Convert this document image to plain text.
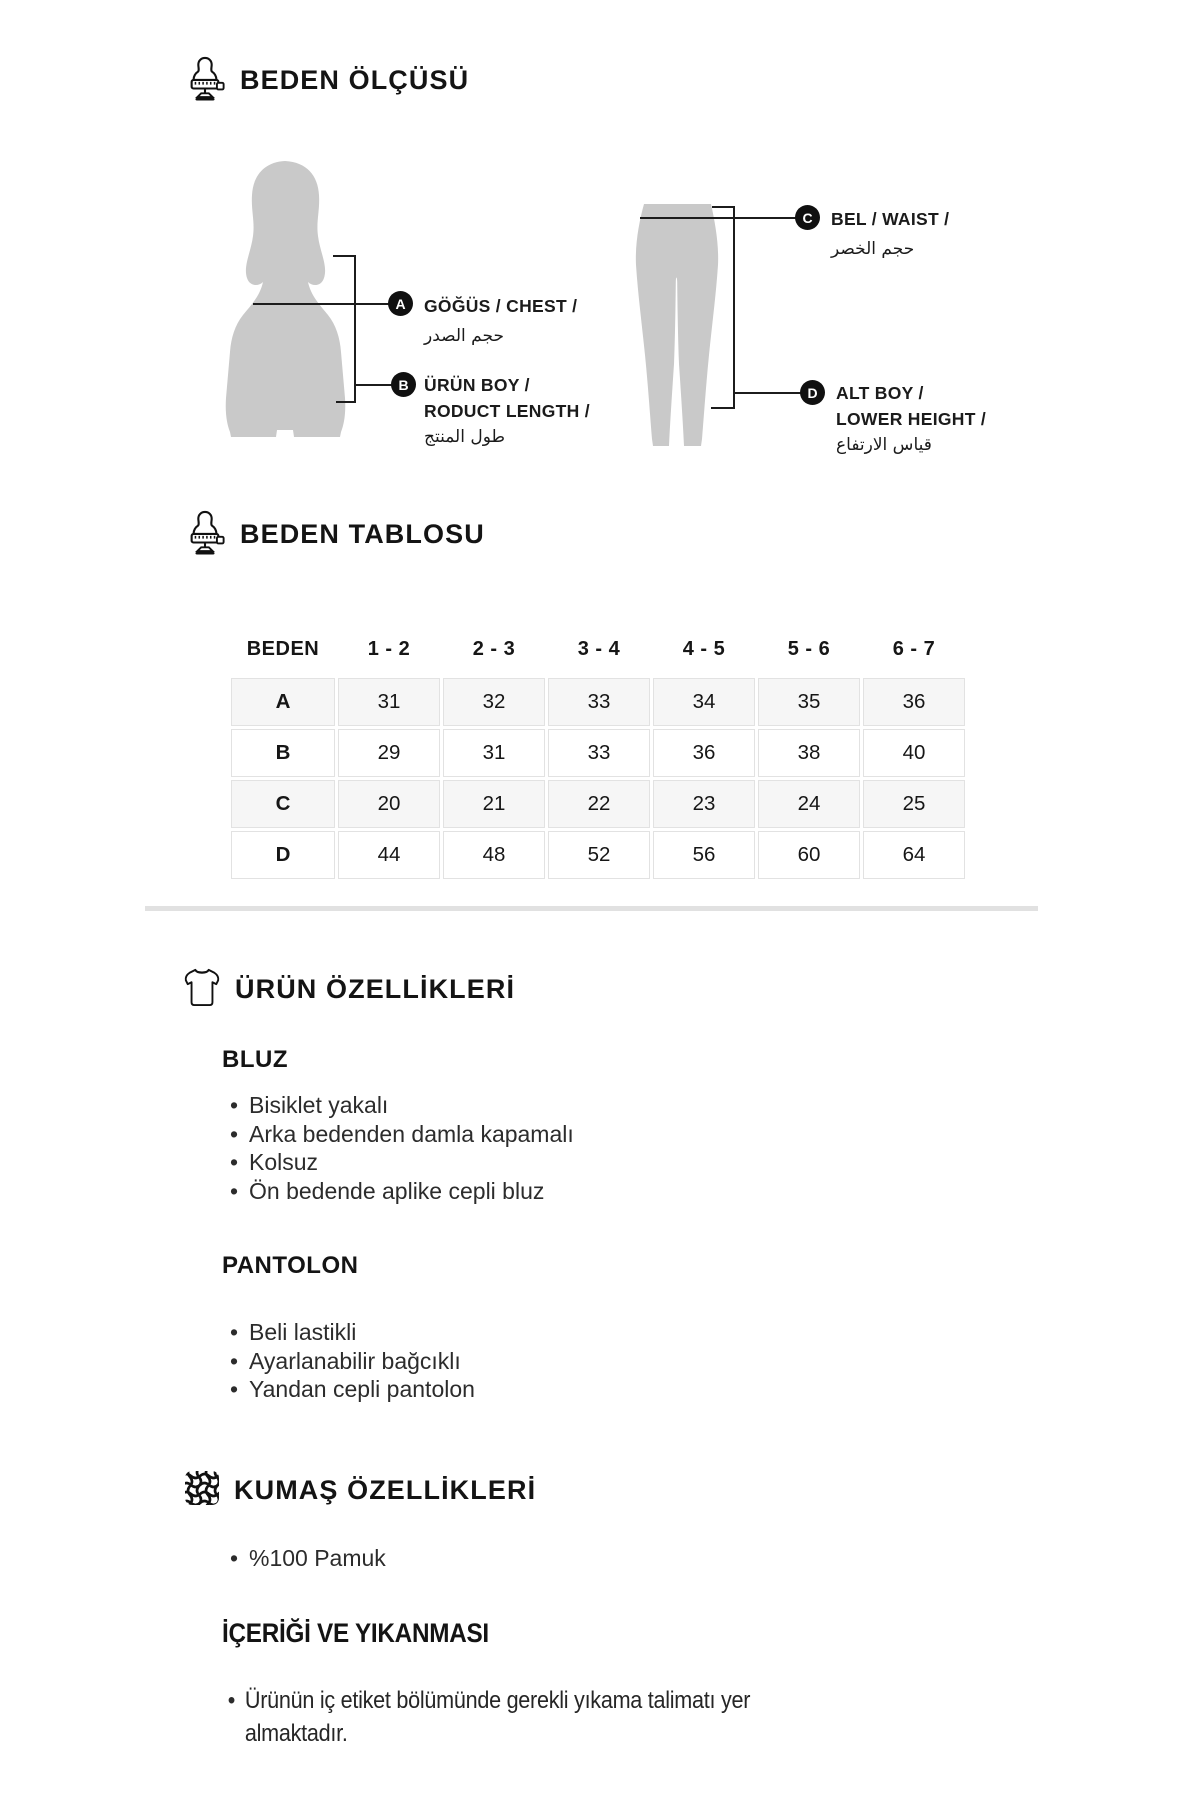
BEDEN ÖLÇÜSÜ
A	GÖĞÜS / CHEST /
حجم الصدر
B ÜRÜN BOY /
RODUCT LENGTH /
طول المنتج
C	BEL / WAIST /
حجم الخصر
D	ALT BOY /
LOWER HEIGHT /
قياس الارتفاع
BEDEN TABLOSU
BEDEN	1 - 2	2 - 3	3 - 4	4 - 5	5 - 6	6 - 7
A	31	32	33	34	35	36
B	29	31	33	36	38	40
C	20	21	22	23	24	25
D	44	48	52	56	60	64
ÜRÜN ÖZELLİKLERİ
BLUZ
• Bisiklet yakalı
• Arka bedenden damla kapamalı
• Kolsuz
• Ön bedende aplike cepli bluz
PANTOLON
• Beli lastikli
• Ayarlanabilir bağcıklı
• Yandan cepli pantolon
KUMAŞ ÖZELLİKLERİ
• %100 Pamuk
İÇERİĞİ VE YIKANMASI
• Ürünün iç etiket bölümünde gerekli yıkama talimatı yer almaktadır.
